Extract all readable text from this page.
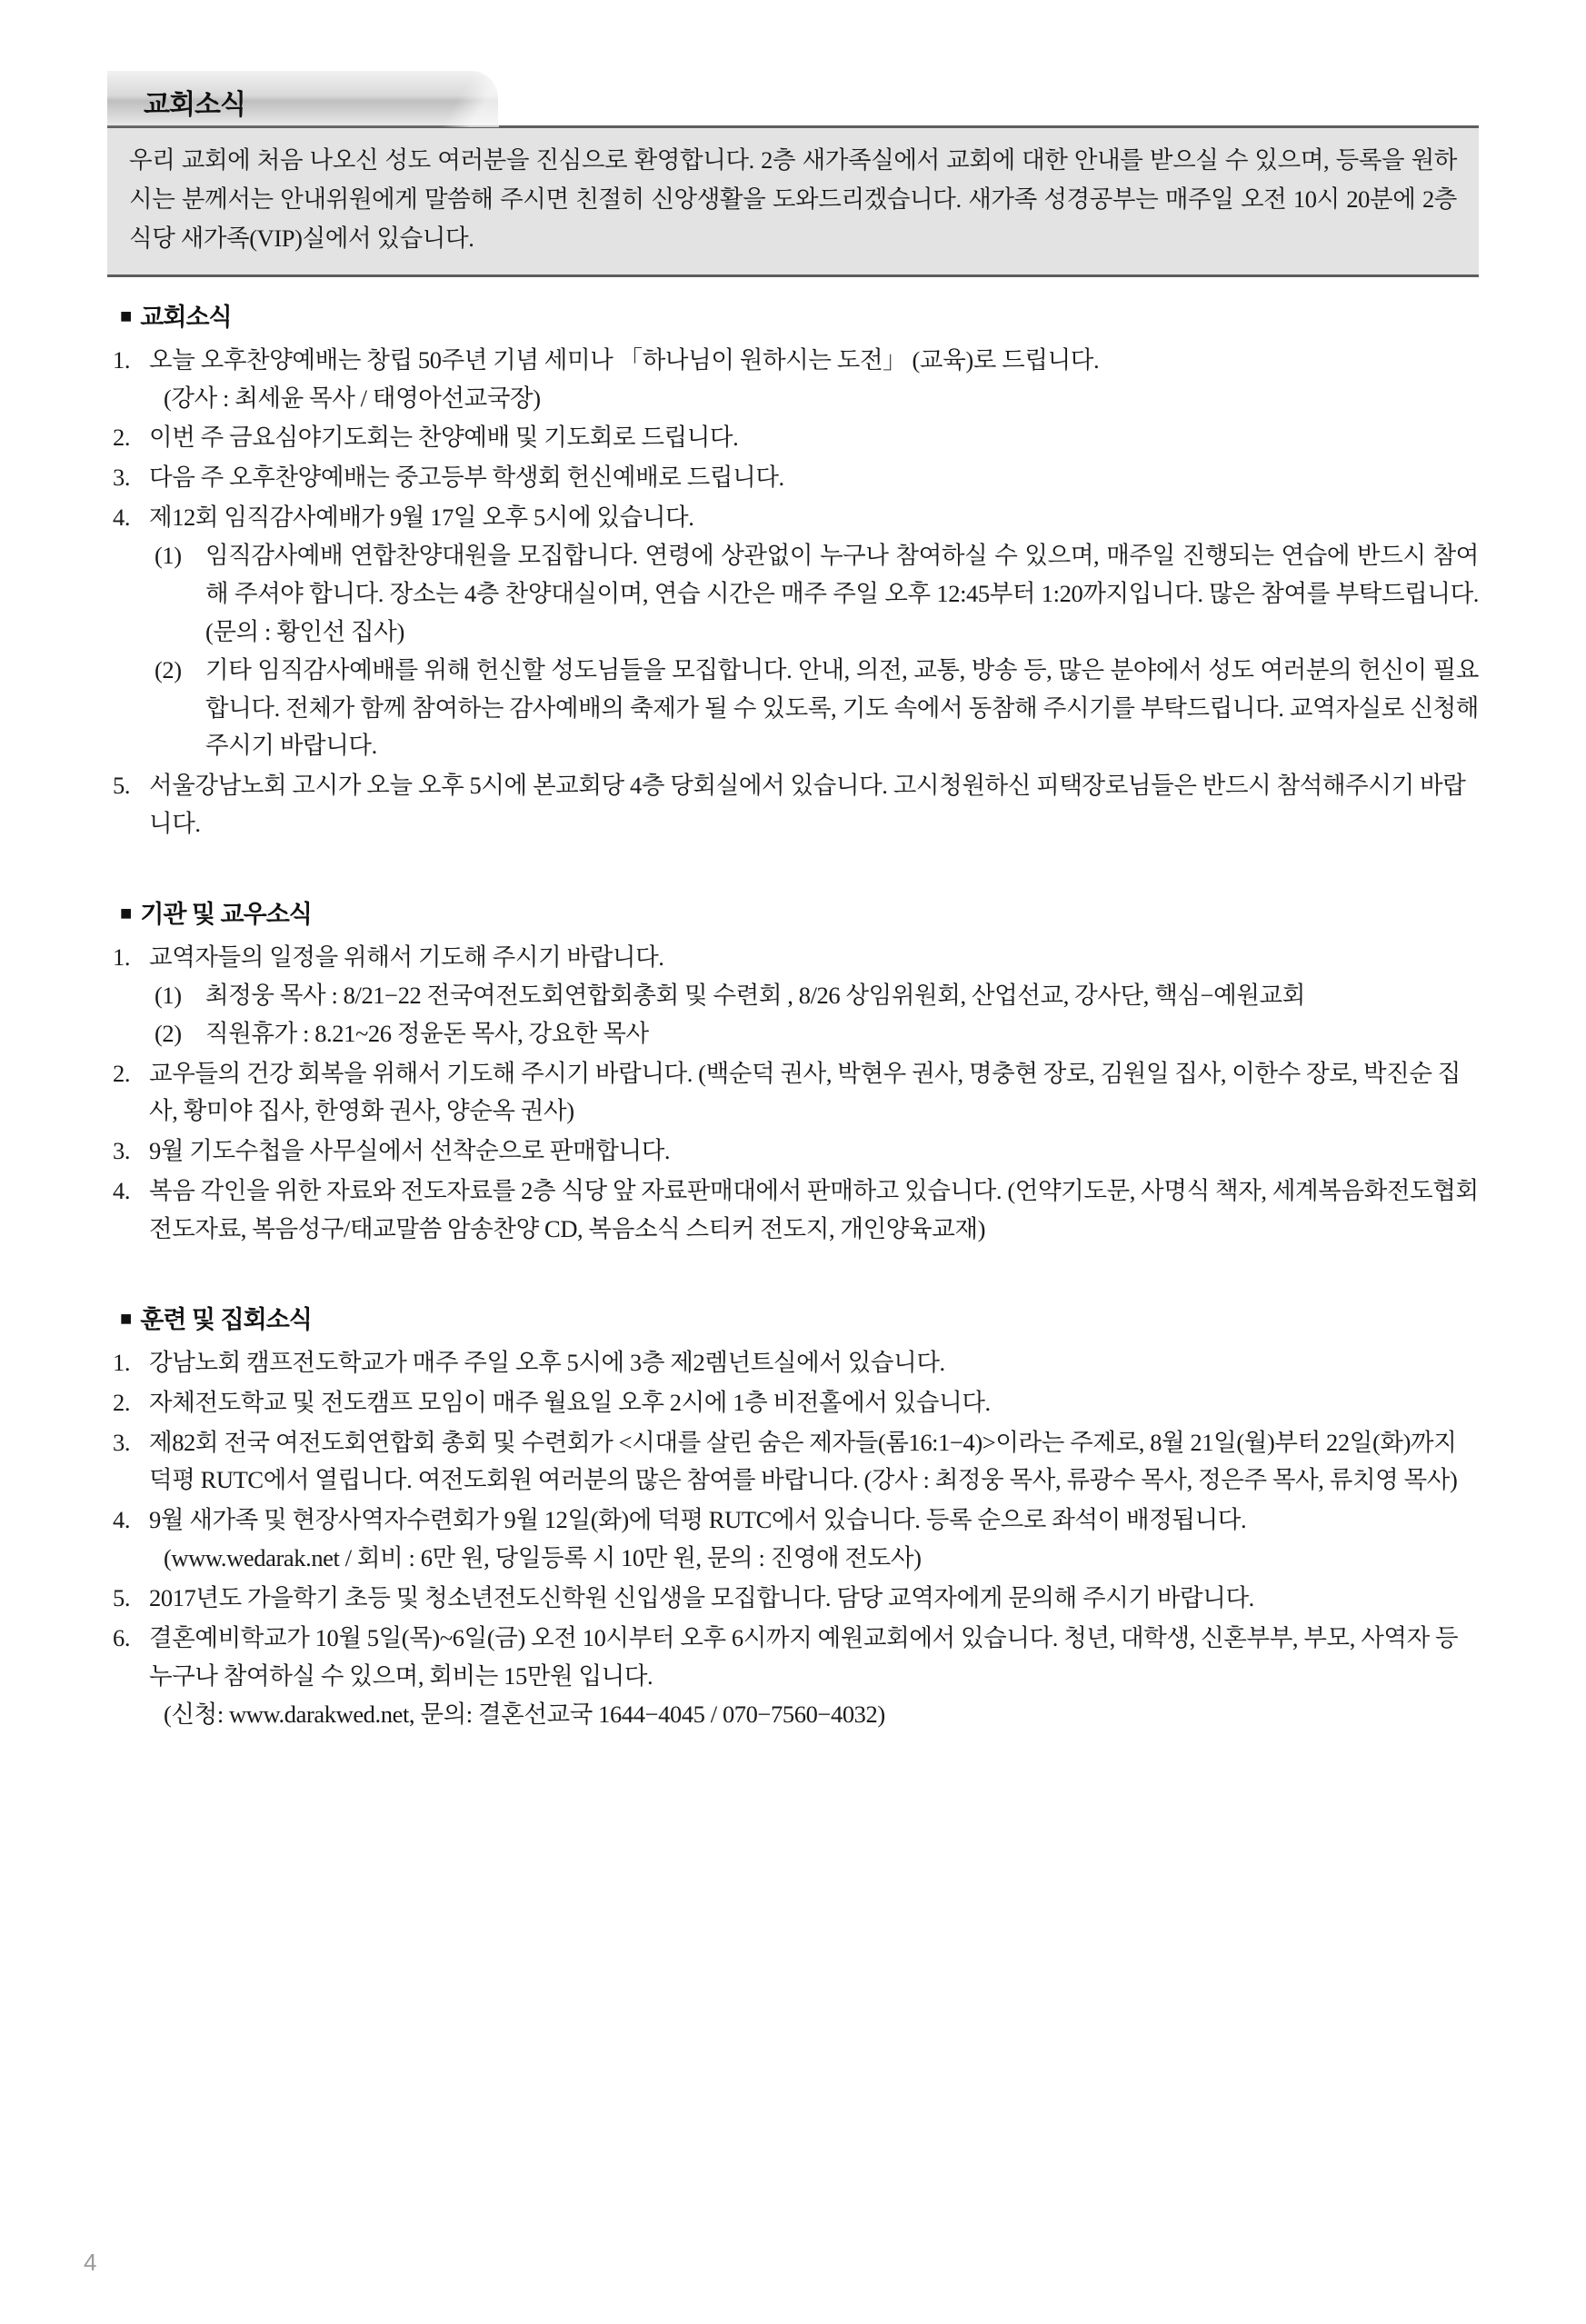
교회소식

우리 교회에 처음 나오신 성도 여러분을 진심으로 환영합니다. 2층 새가족실에서 교회에 대한 안내를 받으실 수 있으며, 등록을 원하시는 분께서는 안내위원에게 말씀해 주시면 친절히 신앙생활을 도와드리겠습니다. 새가족 성경공부는 매주일 오전 10시 20분에 2층 식당 새가족(VIP)실에서 있습니다.

■ 교회소식
1. 오늘 오후찬양예배는 창립 50주년 기념 세미나 「하나님이 원하시는 도전」 (교육)로 드립니다.
(강사 : 최세윤 목사 / 태영아선교국장)
2. 이번 주 금요심야기도회는 찬양예배 및 기도회로 드립니다.
3. 다음 주 오후찬양예배는 중고등부 학생회 헌신예배로 드립니다.
4. 제12회 임직감사예배가 9월 17일 오후 5시에 있습니다.
(1) 임직감사예배 연합찬양대원을 모집합니다. 연령에 상관없이 누구나 참여하실 수 있으며, 매주일 진행되는 연습에 반드시 참여해 주셔야 합니다. 장소는 4층 찬양대실이며, 연습 시간은 매주 주일 오후 12:45부터 1:20까지입니다. 많은 참여를 부탁드립니다. (문의 : 황인선 집사)
(2) 기타 임직감사예배를 위해 헌신할 성도님들을 모집합니다. 안내, 의전, 교통, 방송 등, 많은 분야에서 성도 여러분의 헌신이 필요합니다. 전체가 함께 참여하는 감사예배의 축제가 될 수 있도록, 기도 속에서 동참해 주시기를 부탁드립니다. 교역자실로 신청해 주시기 바랍니다.
5. 서울강남노회 고시가 오늘 오후 5시에 본교회당 4층 당회실에서 있습니다. 고시청원하신 피택장로님들은 반드시 참석해주시기 바랍니다.
■ 기관 및 교우소식
1. 교역자들의 일정을 위해서 기도해 주시기 바랍니다.
(1) 최정웅 목사 : 8/21−22 전국여전도회연합회총회 및 수련회 , 8/26 상임위원회, 산업선교, 강사단, 핵심−예원교회
(2) 직원휴가 : 8.21~26 정윤돈 목사, 강요한 목사
2. 교우들의 건강 회복을 위해서 기도해 주시기 바랍니다. (백순덕 권사, 박현우 권사, 명충현 장로, 김원일 집사, 이한수 장로, 박진순 집사, 황미야 집사, 한영화 권사, 양순옥 권사)
3. 9월 기도수첩을 사무실에서 선착순으로 판매합니다.
4. 복음 각인을 위한 자료와 전도자료를 2층 식당 앞 자료판매대에서 판매하고 있습니다. (언약기도문, 사명식 책자, 세계복음화전도협회 전도자료, 복음성구/태교말씀 암송찬양 CD, 복음소식 스티커 전도지, 개인양육교재)
■ 훈련 및 집회소식
1. 강남노회 캠프전도학교가 매주 주일 오후 5시에 3층 제2렘넌트실에서 있습니다.
2. 자체전도학교 및 전도캠프 모임이 매주 월요일 오후 2시에 1층 비전홀에서 있습니다.
3. 제82회 전국 여전도회연합회 총회 및 수련회가 <시대를 살린 숨은 제자들(롬16:1−4)>이라는 주제로, 8월 21일(월)부터 22일(화)까지 덕평 RUTC에서 열립니다. 여전도회원 여러분의 많은 참여를 바랍니다. (강사 : 최정웅 목사, 류광수 목사, 정은주 목사, 류치영 목사)
4. 9월 새가족 및 현장사역자수련회가 9월 12일(화)에 덕평 RUTC에서 있습니다. 등록 순으로 좌석이 배정됩니다.
(www.wedarak.net / 회비 : 6만 원, 당일등록 시 10만 원, 문의 : 진영애 전도사)
5. 2017년도 가을학기 초등 및 청소년전도신학원 신입생을 모집합니다. 담당 교역자에게 문의해 주시기 바랍니다.
6. 결혼예비학교가 10월 5일(목)~6일(금) 오전 10시부터 오후 6시까지 예원교회에서 있습니다. 청년, 대학생, 신혼부부, 부모, 사역자 등 누구나 참여하실 수 있으며, 회비는 15만원 입니다.
(신청: www.darakwed.net, 문의: 결혼선교국 1644−4045 / 070−7560−4032)
4
